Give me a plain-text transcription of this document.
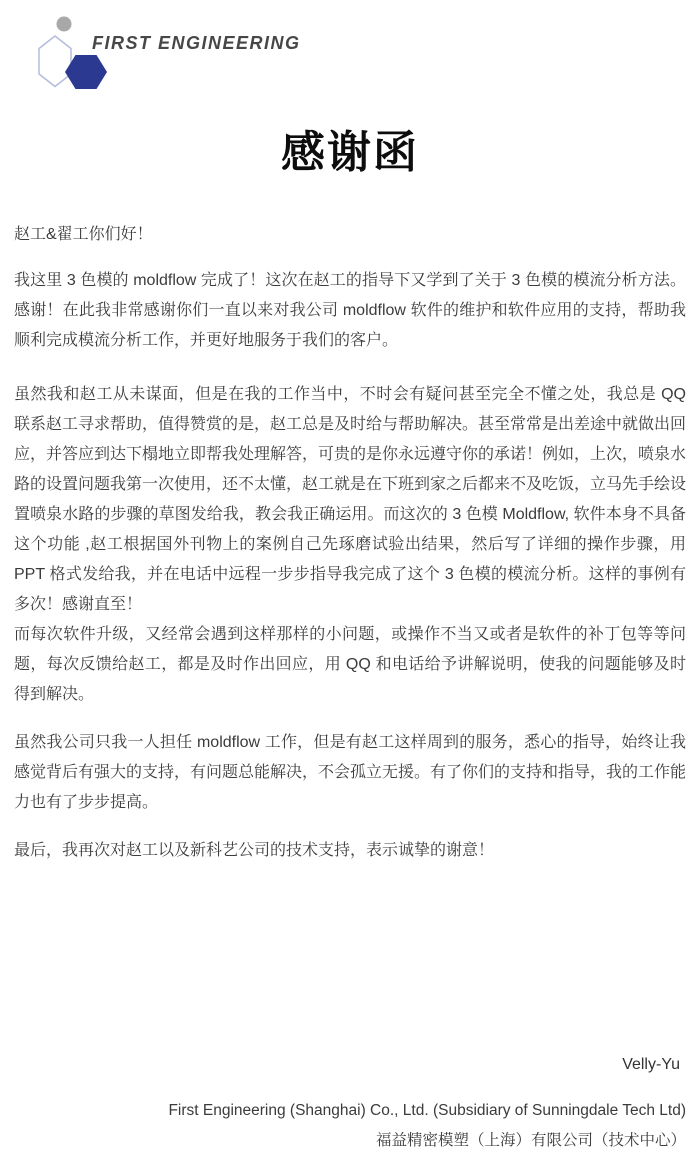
FIRST ENGINEERING
感谢函

赵工&翟工你们好！

我这里 3 色模的 moldflow 完成了！这次在赵工的指导下又学到了关于 3 色模的模流分析方法。感谢！在此我非常感谢你们一直以来对我公司 moldflow 软件的维护和软件应用的支持，帮助我顺利完成模流分析工作，并更好地服务于我们的客户。

虽然我和赵工从未谋面，但是在我的工作当中，不时会有疑问甚至完全不懂之处，我总是 QQ 联系赵工寻求帮助，值得赞赏的是，赵工总是及时给与帮助解决。甚至常常是出差途中就做出回应，并答应到达下榻地立即帮我处理解答，可贵的是你永远遵守你的承诺！例如，上次，喷泉水路的设置问题我第一次使用，还不太懂，赵工就是在下班到家之后都来不及吃饭，立马先手绘设置喷泉水路的步骤的草图发给我，教会我正确运用。而这次的 3 色模 Moldflow, 软件本身不具备这个功能 ,赵工根据国外刊物上的案例自己先琢磨试验出结果，然后写了详细的操作步骤，用 PPT 格式发给我，并在电话中远程一步步指导我完成了这个 3 色模的模流分析。这样的事例有多次！感谢直至！

而每次软件升级，又经常会遇到这样那样的小问题，或操作不当又或者是软件的补丁包等等问题，每次反馈给赵工，都是及时作出回应，用 QQ 和电话给予讲解说明，使我的问题能够及时得到解决。

虽然我公司只我一人担任 moldflow 工作，但是有赵工这样周到的服务，悉心的指导，始终让我感觉背后有强大的支持，有问题总能解决，不会孤立无援。有了你们的支持和指导，我的工作能力也有了步步提高。

最后，我再次对赵工以及新科艺公司的技术支持，表示诚挚的谢意！

Velly-Yu

First Engineering (Shanghai) Co., Ltd. (Subsidiary of Sunningdale Tech Ltd)
福益精密模塑（上海）有限公司（技术中心）
